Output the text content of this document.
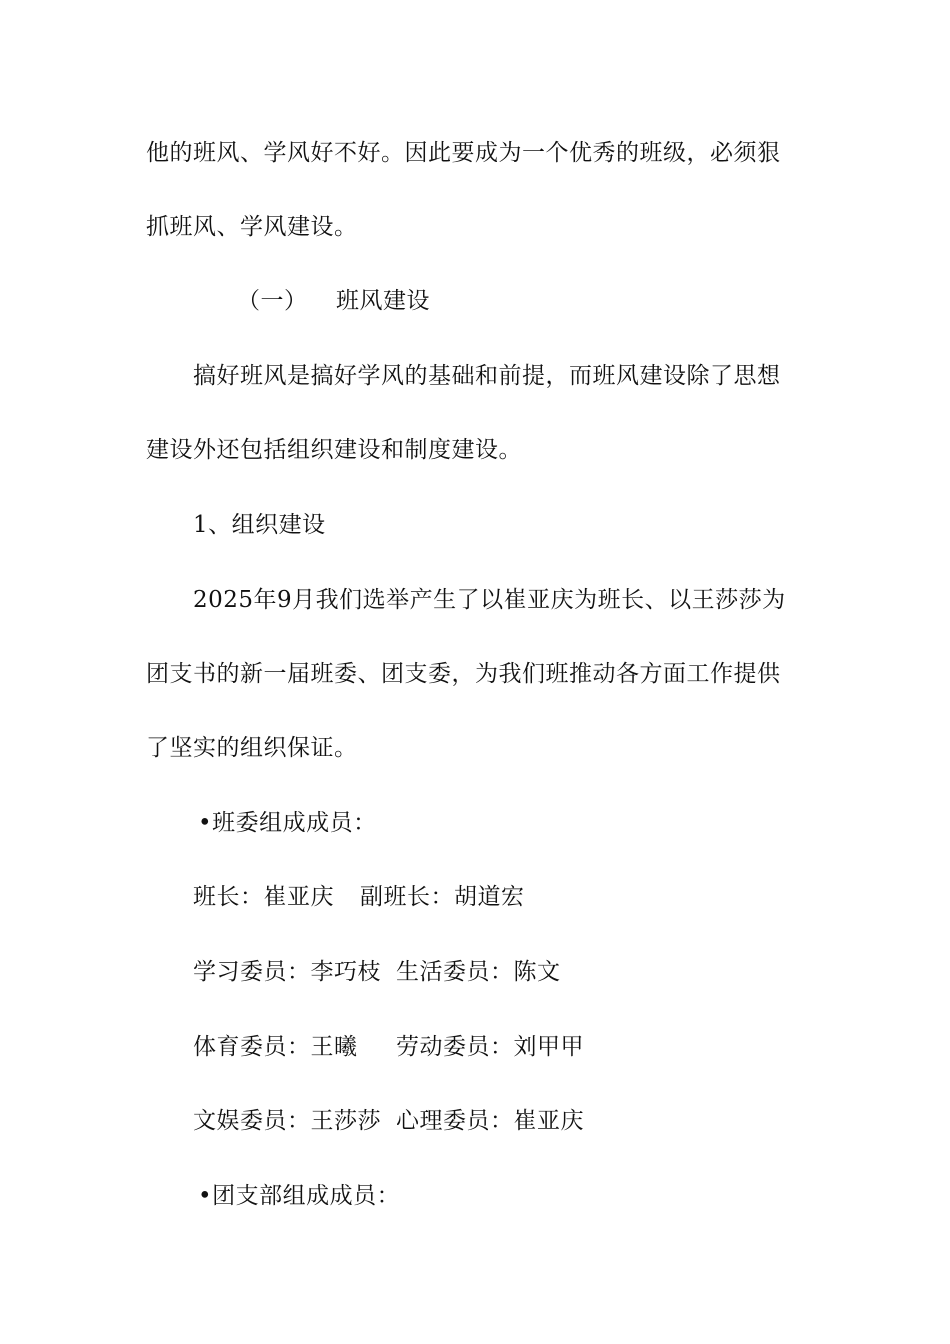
他的班风、学风好不好。因此要成为一个优秀的班级，必须狠
抓班风、学风建设。
（一） 班风建设
搞好班风是搞好学风的基础和前提，而班风建设除了思想
建设外还包括组织建设和制度建设。
1、组织建设
2025年9月我们选举产生了以崔亚庆为班长、以王莎莎为
团支书的新一届班委、团支委，为我们班推动各方面工作提供
了坚实的组织保证。
•班委组成成员：
班长：崔亚庆 副班长：胡道宏
学习委员：李巧枝 生活委员：陈文
体育委员：王曦 劳动委员：刘甲甲
文娱委员：王莎莎 心理委员：崔亚庆
•团支部组成成员：
